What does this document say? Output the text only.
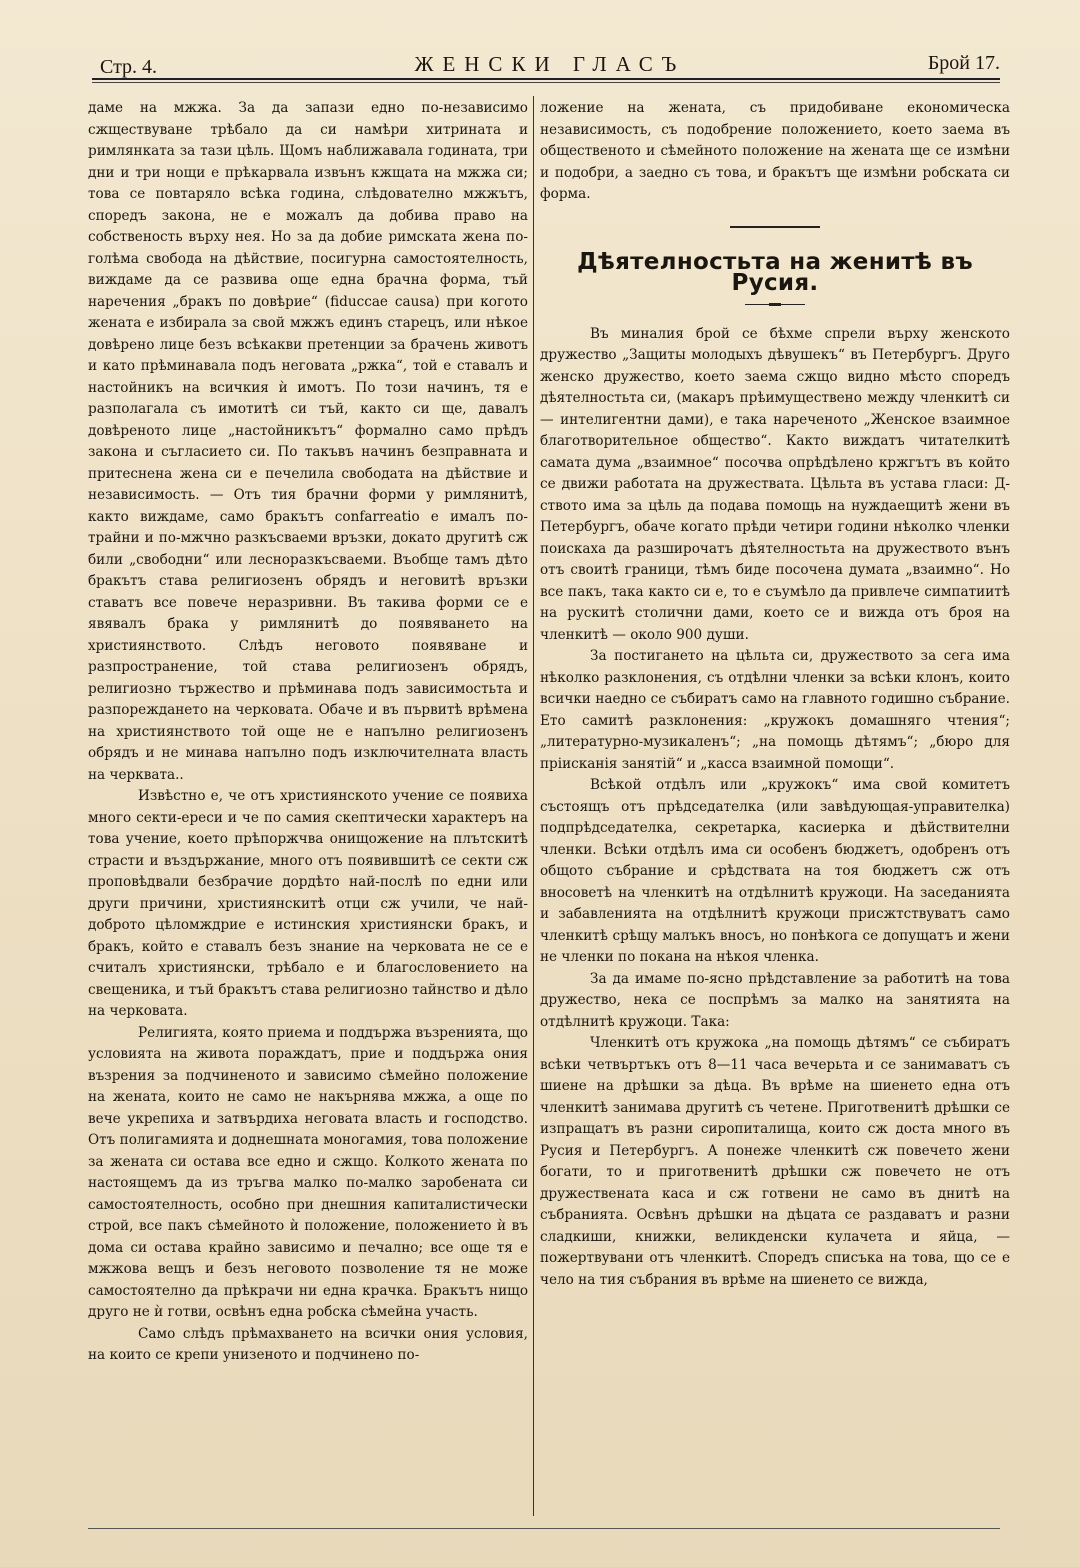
Стр. 4.	ЖЕНСКИ ГЛАСЪ	Брой 17.

даме на мжжа. За да запази едно по-независимо сжществуване трѣбало да си намѣри хитрината и римлянката за тази цѣль. Щомъ наближавала годината, три дни и три нощи е прѣкарвала извънъ кжщата на мжжа си; това се повтаряло всѣка година, слѣдователно мжжътъ, споредъ закона, не е можалъ да добива право на собственость върху нея. Но за да добие римската жена по-голѣма свобода на дѣйствие, посигурна самостоятелность, виждаме да се развива още една брачна форма, тъй наречения „бракъ по довѣрие“ (fiduccae causa) при когото жената е избирала за свой мжжъ единъ старецъ, или нѣкое довѣрено лице безъ всѣкакви претенции за брачень животъ и като прѣминавала подъ неговата „ржка“, той е ставалъ и настойникъ на всичкия ѝ имотъ. По този начинъ, тя е разполагала съ имотитѣ си тъй, както си ще, давалъ довѣреното лице „настойникътъ“ формално само прѣдъ закона и съгласието си. По такъвъ начинъ безправната и притеснена жена си е печелила свободата на дѣйствие и независимость. — Отъ тия брачни форми у римлянитѣ, както виждаме, само бракътъ confarreatio е ималъ по-трайни и по-мжчно разкъсваеми връзки, докато другитѣ сж били „свободни“ или лесноразкъсваеми. Въобще тамъ дѣто бракътъ става религиозенъ обрядъ и неговитѣ връзки ставатъ все повече неразривни. Въ такива форми се е явявалъ брака у римлянитѣ до появяването на християнството. Слѣдъ неговото появяване и разпространение, той става религиозенъ обрядъ, религиозно тържество и прѣминава подъ зависимостьта и разпореждането на черковата. Обаче и въ първитѣ врѣмена на християнството той още не е напълно религиозенъ обрядъ и не минава напълно подъ изключителната власть на черквата..

Извѣстно е, че отъ християнското учение се появиха много секти-ереси и че по самия скептически характеръ на това учение, което прѣпоржчва онищожение на плътскитѣ страсти и въздържание, много отъ появившитѣ се секти сж проповѣдвали безбрачие дордѣто най-послѣ по едни или други причини, християнскитѣ отци сж учили, че най-доброто цѣломждрие е истинския християнски бракъ, и бракъ, който е ставалъ безъ знание на черковата не се е считалъ християнски, трѣбало е и благословението на свещеника, и тъй бракътъ става религиозно тайнство и дѣло на черковата.

Религията, която приема и поддържа възренията, що условията на живота пораждатъ, прие и поддържа ония възрения за подчиненото и зависимо сѣмейно положение на жената, които не само не накърнява мжжа, а още по вече укрепиха и затвърдиха неговата власть и господство. Отъ полигамията и доднешната моногамия, това положение за жената си остава все едно и сжщо. Колкото жената по настоящемъ да из тръгва малко по-малко заробената си самостоятелность, особно при днешния капиталистически строй, все пакъ сѣмейното ѝ положение, положението ѝ въ дома си остава крайно зависимо и печално; все още тя е мжжова вещъ и безъ неговото позволение тя не може самостоятелно да прѣкрачи ни една крачка. Бракътъ нищо друго не ѝ готви, освѣнъ една робска сѣмейна участь.

Само слѣдъ прѣмахването на всички ония условия, на които се крепи унизеното и подчинено по-

ложение на жената, съ придобиване економическа независимость, съ подобрение положението, което заема въ общественото и сѣмейното положение на жената ще се измѣни и подобри, а заедно съ това, и бракътъ ще измѣни робската си форма.

Дѣятелностьта на женитѣ въ Русия.

Въ миналия брой се бѣхме спрели върху женското дружество „Защиты молодыхъ дѣвушекъ“ въ Петербургъ. Друго женско дружество, което заема сжщо видно мѣсто споредъ дѣятелностьта си, (макаръ прѣимуществено между членкитѣ си — интелигентни дами), е така нареченото „Женское взаимное благотворительное общество“. Както виждатъ читателкитѣ самата дума „взаимное“ посочва опрѣдѣлено кржгътъ въ който се движи работата на дружествата. Цѣльта въ устава гласи: Д-ството има за цѣль да подава помощь на нуждаещитѣ жени въ Петербургъ, обаче когато прѣди четири години нѣколко членки поискаха да разширочатъ дѣятелностьта на дружеството вънъ отъ своитѣ граници, тѣмъ биде посочена думата „взаимно“. Но все пакъ, така както си е, то е съумѣло да привлече симпатиитѣ на рускитѣ столични дами, което се и вижда отъ броя на членкитѣ — около 900 души.

За постигането на цѣльта си, дружеството за сега има нѣколко разклонения, съ отдѣлни членки за всѣки клонъ, които всички наедно се събиратъ само на главното годишно събрание. Ето самитѣ разклонения: „кружокъ домашняго чтения“; „литературно-музикаленъ“; „на помощь дѣтямъ“; „бюро для прiисканiя занятiй“ и „касса взаимной помощи“.

Всѣкой отдѣлъ или „кружокъ“ има свой комитетъ състоящъ отъ прѣдседателка (или завѣдующая-управителка) подпрѣдседателка, секретарка, касиерка и дѣйствителни членки. Всѣки отдѣлъ има си особенъ бюджетъ, одобренъ отъ общото събрание и срѣдствата на тоя бюджетъ сж отъ вносоветѣ на членкитѣ на отдѣлнитѣ кружоци. На заседанията и забавленията на отдѣлнитѣ кружоци присжтствуватъ само членкитѣ срѣщу малъкъ вносъ, но понѣкога се допущатъ и жени не членки по покана на нѣкоя членка.

За да имаме по-ясно прѣдставление за работитѣ на това дружество, нека се поспрѣмъ за малко на занятията на отдѣлнитѣ кружоци. Така:

Членкитѣ отъ кружока „на помощь дѣтямъ“ се събиратъ всѣки четвъртъкъ отъ 8—11 часа вечерьта и се занимаватъ съ шиене на дрѣшки за дѣца. Въ врѣме на шиенето една отъ членкитѣ занимава другитѣ съ четене. Приготвенитѣ дрѣшки се изпращатъ въ разни сиропиталища, които сж доста много въ Русия и Петербургъ. А понеже членкитѣ сж повечето жени богати, то и приготвенитѣ дрѣшки сж повечето не отъ дружествената каса и сж готвени не само въ днитѣ на събранията. Освѣнъ дрѣшки на дѣцата се раздаватъ и разни сладкиши, книжки, великденски кулачета и яйца, — пожертвувани отъ членкитѣ. Споредъ списъка на това, що се е чело на тия събрания въ врѣме на шиенето се вижда,
